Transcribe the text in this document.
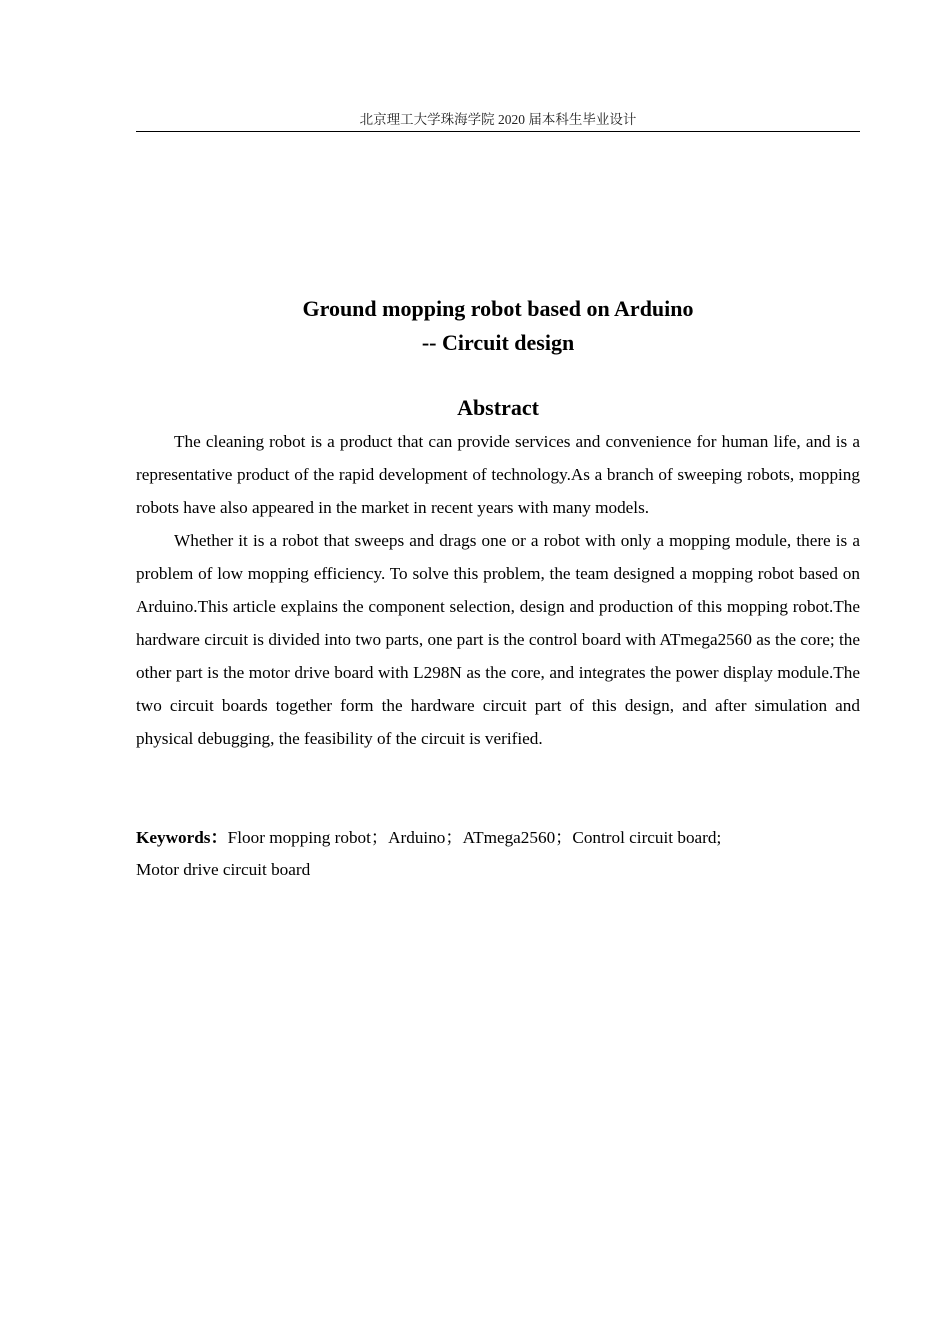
北京理工大学珠海学院 2020 届本科生毕业设计
Ground mopping robot based on Arduino
-- Circuit design
Abstract

The cleaning robot is a product that can provide services and convenience for human life, and is a representative product of the rapid development of technology.As a branch of sweeping robots, mopping robots have also appeared in the market in recent years with many models.

Whether it is a robot that sweeps and drags one or a robot with only a mopping module, there is a problem of low mopping efficiency. To solve this problem, the team designed a mopping robot based on Arduino.This article explains the component selection, design and production of this mopping robot.The hardware circuit is divided into two parts, one part is the control board with ATmega2560 as the core; the other part is the motor drive board with L298N as the core, and integrates the power display module.The two circuit boards together form the hardware circuit part of this design, and after simulation and physical debugging, the feasibility of the circuit is verified.

Keywords：Floor mopping robot；Arduino；ATmega2560；Control circuit board;
Motor drive circuit board
